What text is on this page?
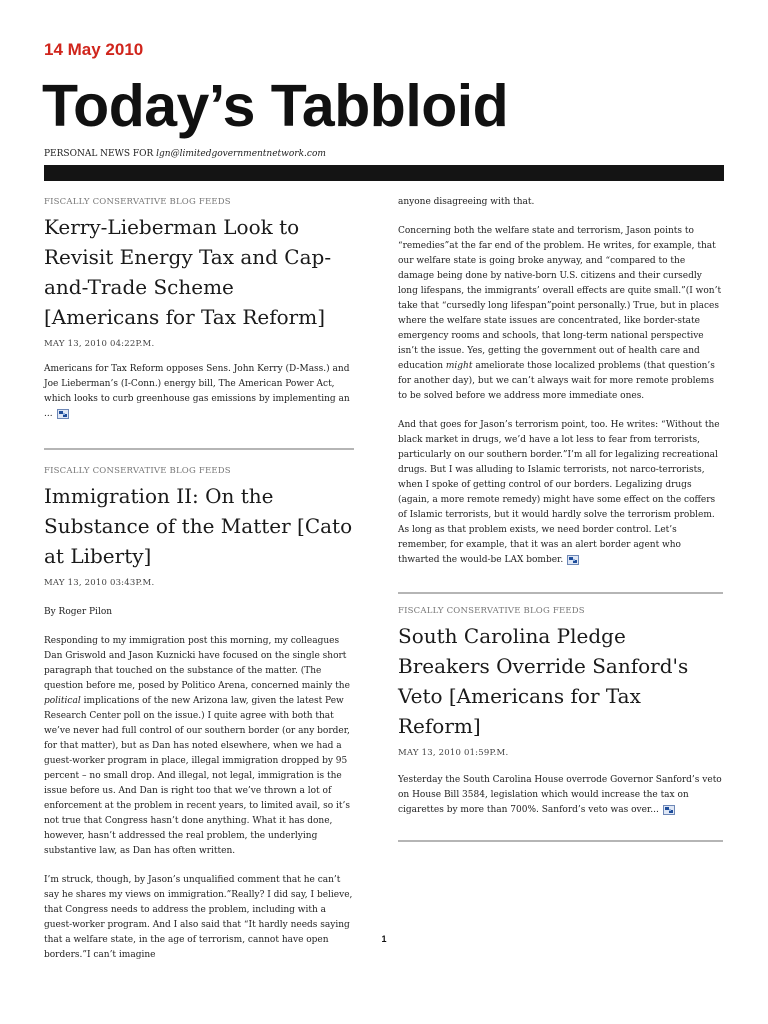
14 May 2010
Today’s Tabbloid
PERSONAL NEWS FOR lgn@limitedgovernmentnetwork.com
FISCALLY CONSERVATIVE BLOG FEEDS
Kerry-Lieberman Look to Revisit Energy Tax and Cap-and-Trade Scheme [Americans for Tax Reform]
MAY 13, 2010 04:22P.M.

Americans for Tax Reform opposes Sens. John Kerry (D-Mass.) and Joe Lieberman’s (I-Conn.) energy bill, The American Power Act, which looks to curb greenhouse gas emissions by implementing an ...

FISCALLY CONSERVATIVE BLOG FEEDS
Immigration II: On the Substance of the Matter [Cato at Liberty]
MAY 13, 2010 03:43P.M.

By Roger Pilon

Responding to my immigration post this morning, my colleagues Dan Griswold and Jason Kuznicki have focused on the single short paragraph that touched on the substance of the matter. (The question before me, posed by Politico Arena, concerned mainly the political implications of the new Arizona law, given the latest Pew Research Center poll on the issue.) I quite agree with both that we’ve never had full control of our southern border (or any border, for that matter), but as Dan has noted elsewhere, when we had a guest-worker program in place, illegal immigration dropped by 95 percent – no small drop. And illegal, not legal, immigration is the issue before us. And Dan is right too that we’ve thrown a lot of enforcement at the problem in recent years, to limited avail, so it’s not true that Congress hasn’t done anything. What it has done, however, hasn’t addressed the real problem, the underlying substantive law, as Dan has often written.

I’m struck, though, by Jason’s unqualified comment that he can’t say he shares my views on immigration.”Really? I did say, I believe, that Congress needs to address the problem, including with a guest-worker program. And I also said that “It hardly needs saying that a welfare state, in the age of terrorism, cannot have open borders.”I can’t imagine

anyone disagreeing with that.

Concerning both the welfare state and terrorism, Jason points to “remedies”at the far end of the problem. He writes, for example, that our welfare state is going broke anyway, and “compared to the damage being done by native-born U.S. citizens and their cursedly long lifespans, the immigrants’ overall effects are quite small.”(I won’t take that “cursedly long lifespan”point personally.) True, but in places where the welfare state issues are concentrated, like border-state emergency rooms and schools, that long-term national perspective isn’t the issue. Yes, getting the government out of health care and education might ameliorate those localized problems (that question’s for another day), but we can’t always wait for more remote problems to be solved before we address more immediate ones.

And that goes for Jason’s terrorism point, too. He writes: “Without the black market in drugs, we’d have a lot less to fear from terrorists, particularly on our southern border.”I’m all for legalizing recreational drugs. But I was alluding to Islamic terrorists, not narco-terrorists, when I spoke of getting control of our borders. Legalizing drugs (again, a more remote remedy) might have some effect on the coffers of Islamic terrorists, but it would hardly solve the terrorism problem. As long as that problem exists, we need border control. Let’s remember, for example, that it was an alert border agent who thwarted the would-be LAX bomber.

FISCALLY CONSERVATIVE BLOG FEEDS
South Carolina Pledge Breakers Override Sanford's Veto [Americans for Tax Reform]
MAY 13, 2010 01:59P.M.

Yesterday the South Carolina House overrode Governor Sanford’s veto on House Bill 3584, legislation which would increase the tax on cigarettes by more than 700%. Sanford’s veto was over...

1
